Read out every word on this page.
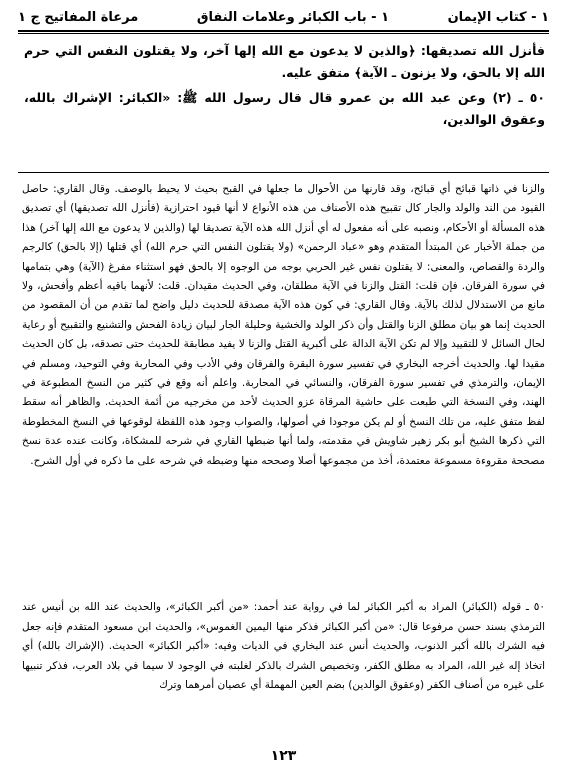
١ - كتاب الإيمان
١ - باب الكبائر وعلامات النفاق
مرعاة المفاتيح ج ١

فأنزل الله تصديقها: ﴿والذين لا يدعون مع الله إلها آخر، ولا يقتلون النفس التي حرم الله إلا بالحق، ولا يزنون ـ الآية﴾ متفق عليه.

٥٠ ـ (٢) وعن عبد الله بن عمرو قال قال رسول الله ﷺ: «الكبائر: الإشراك بالله، وعقوق الوالدين،

والزنا في ذاتها قبائح أي قبائح، وقد قارنها من الأحوال ما جعلها في القبح بحيث لا يحيط بالوصف. وقال القاري: حاصل القيود من الند والولد والجار كال تقبيح هذه الأصناف من هذه الأنواع لا أنها قيود احترازية (فأنزل الله تصديقها) أي تصديق هذه المسألة أو الأحكام، ونصبه على أنه مفعول له أي أنزل الله هذه الآية تصديقا لها (والذين لا يدعون مع الله إلها آخر) هذا من جملة الأخبار عن المبتدأ المتقدم وهو «عباد الرحمن» (ولا يقتلون النفس التي حرم الله) أي قتلها (إلا بالحق) كالرجم والردة والقصاص، والمعنى: لا يقتلون نفس غير الحربي بوجه من الوجوه إلا بالحق فهو استثناء مفرغ (الآية) وهي بتمامها في سورة الفرقان. فإن قلت: القتل والزنا في الآية مطلقان، وفي الحديث مقيدان. قلت: لأنهما باقيه أعظم وأفحش، ولا مانع من الاستدلال لذلك بالآية. وقال القاري: في كون هذه الآية مصدقة للحديث دليل واضح لما تقدم من أن المقصود من الحديث إنما هو بيان مطلق الزنا والقتل وأن ذكر الولد والخشية وحليلة الجار لبيان زيادة الفحش والتشنيع والتقبيح أو رعاية لحال السائل لا للتقييد وإلا لم تكن الآية الدالة على أكبرية القتل والزنا لا يفيد مطابقة للحديث حتى تصدقه، بل كان الحديث مقيدا لها. والحديث أخرجه البخاري في تفسير سورة البقرة والفرقان وفي الأدب وفي المحاربة وفي التوحيد، ومسلم في الإيمان، والترمذي في تفسير سورة الفرقان، والنسائي في المحاربة. واعلم أنه وقع في كثير من النسخ المطبوعة في الهند، وفي النسخة التي طبعت على حاشية المرقاة عزو الحديث لأحد من مخرجيه من أئمة الحديث. والظاهر أنه سقط لفظ متفق عليه، من تلك النسخ أو لم يكن موجودا في أصولها، والصواب وجود هذه اللفظة لوقوعها في النسخ المخطوطة التي ذكرها الشيخ أبو بكر زهير شاويش في مقدمته، ولما أنها ضبطها القاري في شرحه للمشكاة، وكانت عنده عدة نسخ مصححة مقروءة مسموعة معتمدة، أخذ من مجموعها أصلا وصححه منها وضبطه في شرحه على ما ذكره في أول الشرح.

٥٠ ـ قوله (الكبائر) المراد به أكبر الكبائر لما في رواية عند أحمد: «من أكبر الكبائر»، والحديث عند الله بن أنيس عند الترمذي بسند حسن مرفوعا قال: «من أكبر الكبائر فذكر منها اليمين الغموس»، والحديث ابن مسعود المتقدم فإنه جعل فيه الشرك بالله أكبر الذنوب، والحديث أنس عند البخاري في الديات وفيه: «أكبر الكبائر» الحديث. (الإشراك بالله) أي اتخاذ إله غير الله، المراد به مطلق الكفر، وتخصيص الشرك بالذكر لغلبته في الوجود لا سيما في بلاد العرب، فذكر تنبيها على غيره من أصناف الكفر (وعقوق الوالدين) بضم العين المهملة أي عصيان أمرهما وترك

١٢٣
